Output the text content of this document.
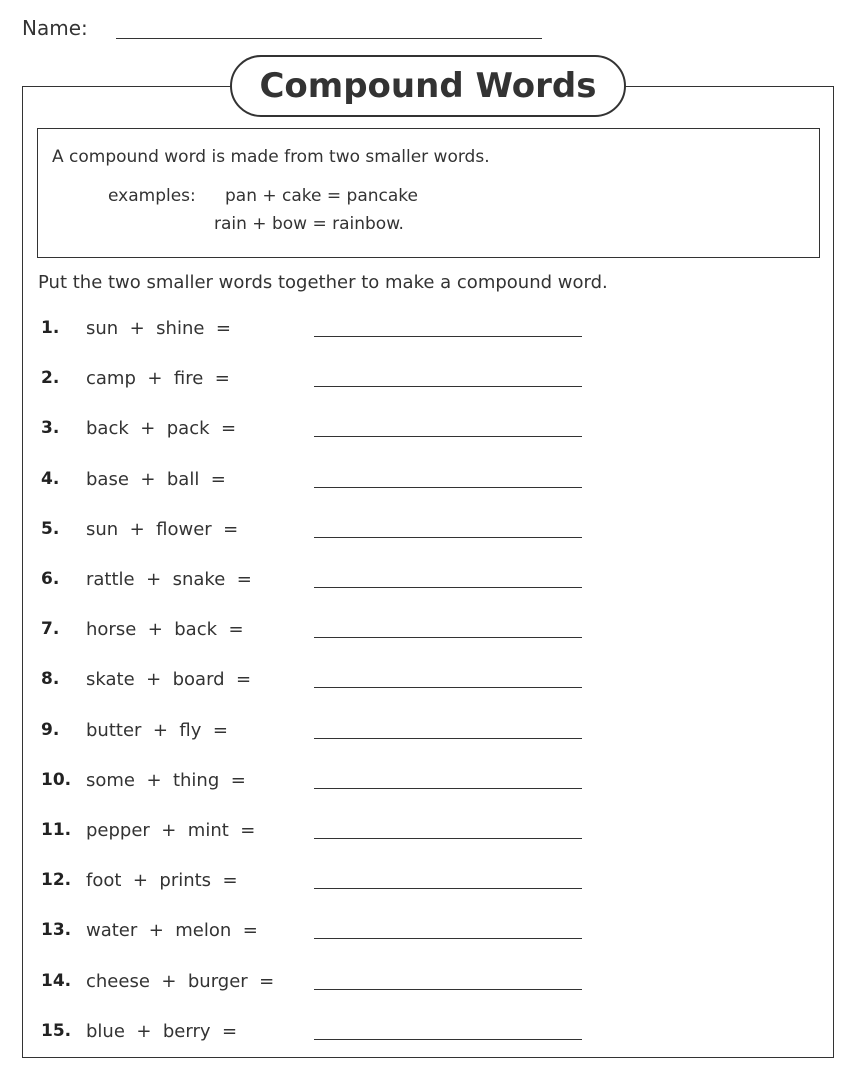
Name:
Compound Words
A compound word is made from two smaller words.
examples: pan + cake = pancake
rain + bow = rainbow.
Put the two smaller words together to make a compound word.
1. sun  +  shine  =
2. camp  +  fire  =
3. back  +  pack  =
4. base  +  ball  =
5. sun  +  flower  =
6. rattle  +  snake  =
7. horse  +  back  =
8. skate  +  board  =
9. butter  +  fly  =
10. some  +  thing  =
11. pepper  +  mint  =
12. foot  +  prints  =
13. water  +  melon  =
14. cheese  +  burger  =
15. blue  +  berry  =
